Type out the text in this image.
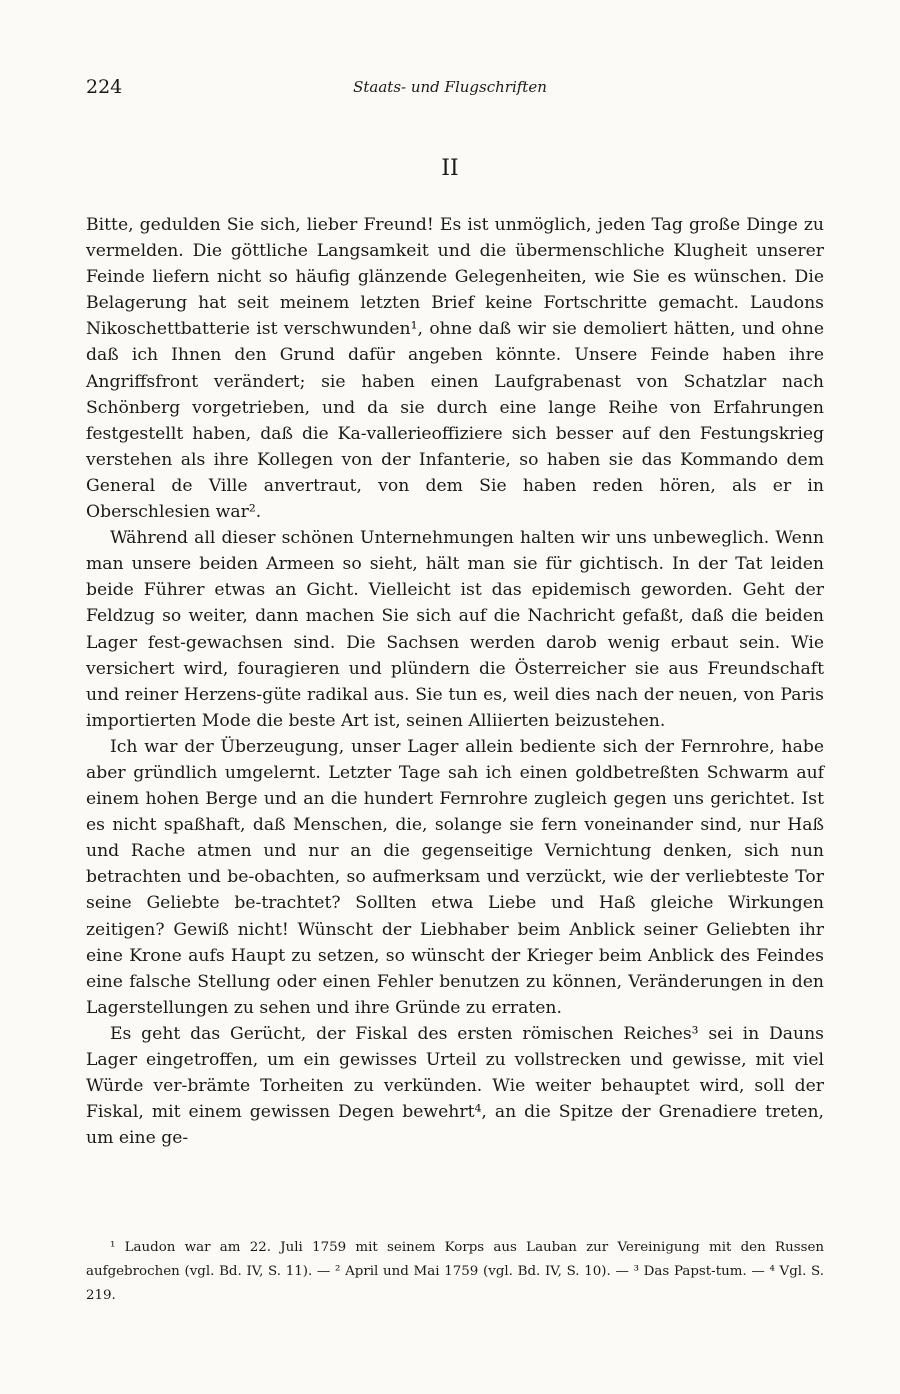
224	Staats- und Flugschriften
II

Bitte, gedulden Sie sich, lieber Freund! Es ist unmöglich, jeden Tag große Dinge zu vermelden. Die göttliche Langsamkeit und die übermenschliche Klugheit unserer Feinde liefern nicht so häufig glänzende Gelegenheiten, wie Sie es wünschen. Die Belagerung hat seit meinem letzten Brief keine Fortschritte gemacht. Laudons Nikoschettbatterie ist verschwunden¹, ohne daß wir sie demoliert hätten, und ohne daß ich Ihnen den Grund dafür angeben könnte. Unsere Feinde haben ihre Angriffsfront verändert; sie haben einen Laufgrabenast von Schatzlar nach Schönberg vorgetrieben, und da sie durch eine lange Reihe von Erfahrungen festgestellt haben, daß die Ka-vallerieoffiziere sich besser auf den Festungskrieg verstehen als ihre Kollegen von der Infanterie, so haben sie das Kommando dem General de Ville anvertraut, von dem Sie haben reden hören, als er in Oberschlesien war².

Während all dieser schönen Unternehmungen halten wir uns unbeweglich. Wenn man unsere beiden Armeen so sieht, hält man sie für gichtisch. In der Tat leiden beide Führer etwas an Gicht. Vielleicht ist das epidemisch geworden. Geht der Feldzug so weiter, dann machen Sie sich auf die Nachricht gefaßt, daß die beiden Lager fest-gewachsen sind. Die Sachsen werden darob wenig erbaut sein. Wie versichert wird, fouragieren und plündern die Österreicher sie aus Freundschaft und reiner Herzens-güte radikal aus. Sie tun es, weil dies nach der neuen, von Paris importierten Mode die beste Art ist, seinen Alliierten beizustehen.

Ich war der Überzeugung, unser Lager allein bediente sich der Fernrohre, habe aber gründlich umgelernt. Letzter Tage sah ich einen goldbetreßten Schwarm auf einem hohen Berge und an die hundert Fernrohre zugleich gegen uns gerichtet. Ist es nicht spaßhaft, daß Menschen, die, solange sie fern voneinander sind, nur Haß und Rache atmen und nur an die gegenseitige Vernichtung denken, sich nun betrachten und be-obachten, so aufmerksam und verzückt, wie der verliebteste Tor seine Geliebte be-trachtet? Sollten etwa Liebe und Haß gleiche Wirkungen zeitigen? Gewiß nicht! Wünscht der Liebhaber beim Anblick seiner Geliebten ihr eine Krone aufs Haupt zu setzen, so wünscht der Krieger beim Anblick des Feindes eine falsche Stellung oder einen Fehler benutzen zu können, Veränderungen in den Lagerstellungen zu sehen und ihre Gründe zu erraten.

Es geht das Gerücht, der Fiskal des ersten römischen Reiches³ sei in Dauns Lager eingetroffen, um ein gewisses Urteil zu vollstrecken und gewisse, mit viel Würde ver-brämte Torheiten zu verkünden. Wie weiter behauptet wird, soll der Fiskal, mit einem gewissen Degen bewehrt⁴, an die Spitze der Grenadiere treten, um eine ge-

¹ Laudon war am 22. Juli 1759 mit seinem Korps aus Lauban zur Vereinigung mit den Russen aufgebrochen (vgl. Bd. IV, S. 11). — ² April und Mai 1759 (vgl. Bd. IV, S. 10). — ³ Das Papst-tum. — ⁴ Vgl. S. 219.
